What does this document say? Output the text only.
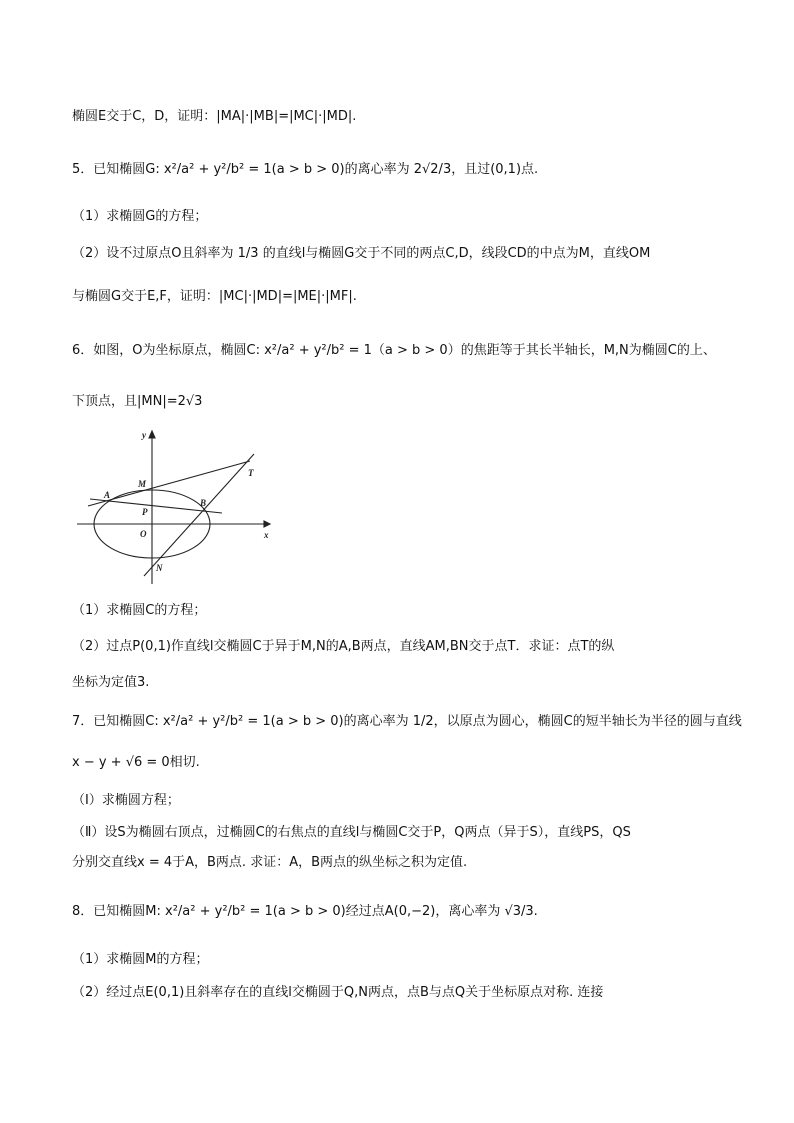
椭圆E交于C，D，证明：|MA|·|MB|=|MC|·|MD|.
5．已知椭圆G: x²/a² + y²/b² = 1(a > b > 0)的离心率为 2√2/3，且过(0,1)点.
（1）求椭圆G的方程；
（2）设不过原点O且斜率为 1/3 的直线l与椭圆G交于不同的两点C,D，线段CD的中点为M，直线OM
与椭圆G交于E,F，证明：|MC|·|MD|=|ME|·|MF|.
6．如图，O为坐标原点，椭圆C: x²/a² + y²/b² = 1（a > b > 0）的焦距等于其长半轴长，M,N为椭圆C的上、
下顶点，且|MN|=2√3
y
x
M
A
B
P
O
N
T
（1）求椭圆C的方程；
（2）过点P(0,1)作直线l交椭圆C于异于M,N的A,B两点，直线AM,BN交于点T．求证：点T的纵
坐标为定值3.
7．已知椭圆C: x²/a² + y²/b² = 1(a > b > 0)的离心率为 1/2，以原点为圆心，椭圆C的短半轴长为半径的圆与直线
x − y + √6 = 0相切.
（Ⅰ）求椭圆方程；
（Ⅱ）设S为椭圆右顶点，过椭圆C的右焦点的直线l与椭圆C交于P，Q两点（异于S），直线PS，QS
分别交直线x = 4于A，B两点. 求证：A，B两点的纵坐标之积为定值.
8．已知椭圆M: x²/a² + y²/b² = 1(a > b > 0)经过点A(0,−2)，离心率为 √3/3.
（1）求椭圆M的方程；
（2）经过点E(0,1)且斜率存在的直线l交椭圆于Q,N两点，点B与点Q关于坐标原点对称. 连接
